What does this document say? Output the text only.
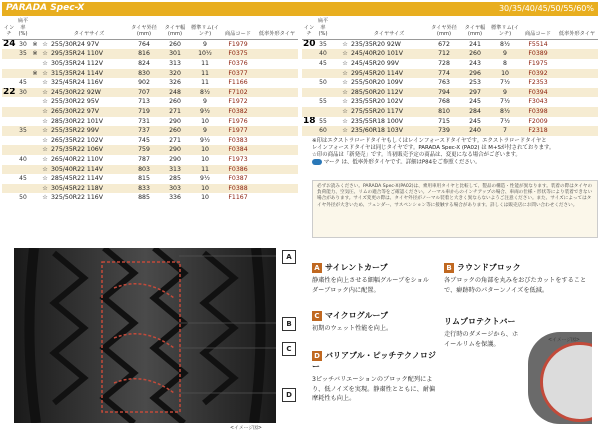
PARADA Spec-X	30/35/40/45/50/55/60%
インチ	扁平率(%)			タイヤサイズ	タイヤ外径(mm)	タイヤ幅(mm)	標準リム(インチ)	商品コード	低率外形タイヤ
24	30	※	☆	255/30R24 97V	764	260	9	F1979	
	35	※	☆	295/35R24 110V	816	301	10½	F0375	
			☆	305/35R24 112V	824	313	11	F0376	
		※	☆	315/35R24 114V	830	320	11	F0377	
	45		☆	325/45R24 116V	902	326	11	F1166	
22	30		☆	245/30R22 92W	707	248	8½	F7102	
			☆	255/30R22 95V	713	260	9	F1972	
			☆	265/30R22 97V	719	271	9½	F0382	
			☆	285/30R22 101V	731	290	10	F1976	
	35		☆	255/35R22 99V	737	260	9	F1977	
			☆	265/35R22 102V	745	271	9½	F0383	
			☆	275/35R22 106V	759	290	10	F0384	
	40		☆	265/40R22 110V	787	290	10	F1973	
			☆	305/40R22 114V	803	313	11	F0386	
	45		☆	285/45R22 114V	815	285	9½	F0387	
			☆	305/45R22 118V	833	303	10	F0388	
	50		☆	325/50R22 116V	885	336	10	F1167	
インチ	扁平率(%)			タイヤサイズ	タイヤ外径(mm)	タイヤ幅(mm)	標準リム(インチ)	商品コード	低率外形タイヤ
20	35		☆	235/35R20 92W	672	241	8½	F5514	
	40		☆	245/40R20 101V	712	260	9	F0389	
	45		☆	245/45R20 99V	728	243	8	F1975	
			☆	295/45R20 114V	774	296	10	F0392	
	50		☆	255/50R20 109V	763	253	7½	F2353	
			☆	285/50R20 112V	794	297	9	F0394	
	55		☆	235/55R20 102V	768	245	7½	F3043	
			☆	275/55R20 117V	810	284	8½	F0398	
18	55		☆	235/55R18 100V	715	245	7½	F2009	
	60		☆	235/60R18 103V	739	240	7	F2318	
※印はエクストラロードタイヤもしくはレインフォースドタイヤです。エクストラロードタイヤと
レインフォースドタイヤは同じタイヤです。PARADA Spec-X (PA02) は M+Sが付されております。
☆印の商品は「新発売」です。当初販売予定の商品は、変更になる場合がございます。
マーク は、低率外形タイヤです。詳細はP84をご参照ください。
必ずお読みください。PARADA Spec-X(PA02)は、乗用車用タイヤと比較して、製品の構造・性能が異なります。装着の際はタイヤの負荷能力、空気圧、リムの適合等をご確認ください。ノーマル車からのインチアップの場合、車両の仕様・形状等により装着できない場合があります。サイズ変更の際は、タイヤ外径がノーマル装着と大きく異ならないようご注意ください。また、サイズによってはタイヤ外径が大きいため、フェンダー、サスペンション等に接触する場合があります。詳しくは販売店にお問い合わせください。
<イメージ図>
A
B
C
D
A サイレントカーブ
静粛性を向上させる細幅グルーブをショルダーブロック内に配置。
C マイクログルーブ
初期のウェット性能を向上。
D バリアブル・ピッチテクノロジー
3ピッチバリエーションのブロック配列により、低ノイズを実現。静粛性とともに、耐偏摩耗性も向上。
B ラウンドブロック
各ブロックの角部を丸みをおびたカットをすることで、癖跡時のパターンノイズを低減。
リムプロテクトバー
走行時のダメージから、ホイールリムを保護。	<イメージ図>
